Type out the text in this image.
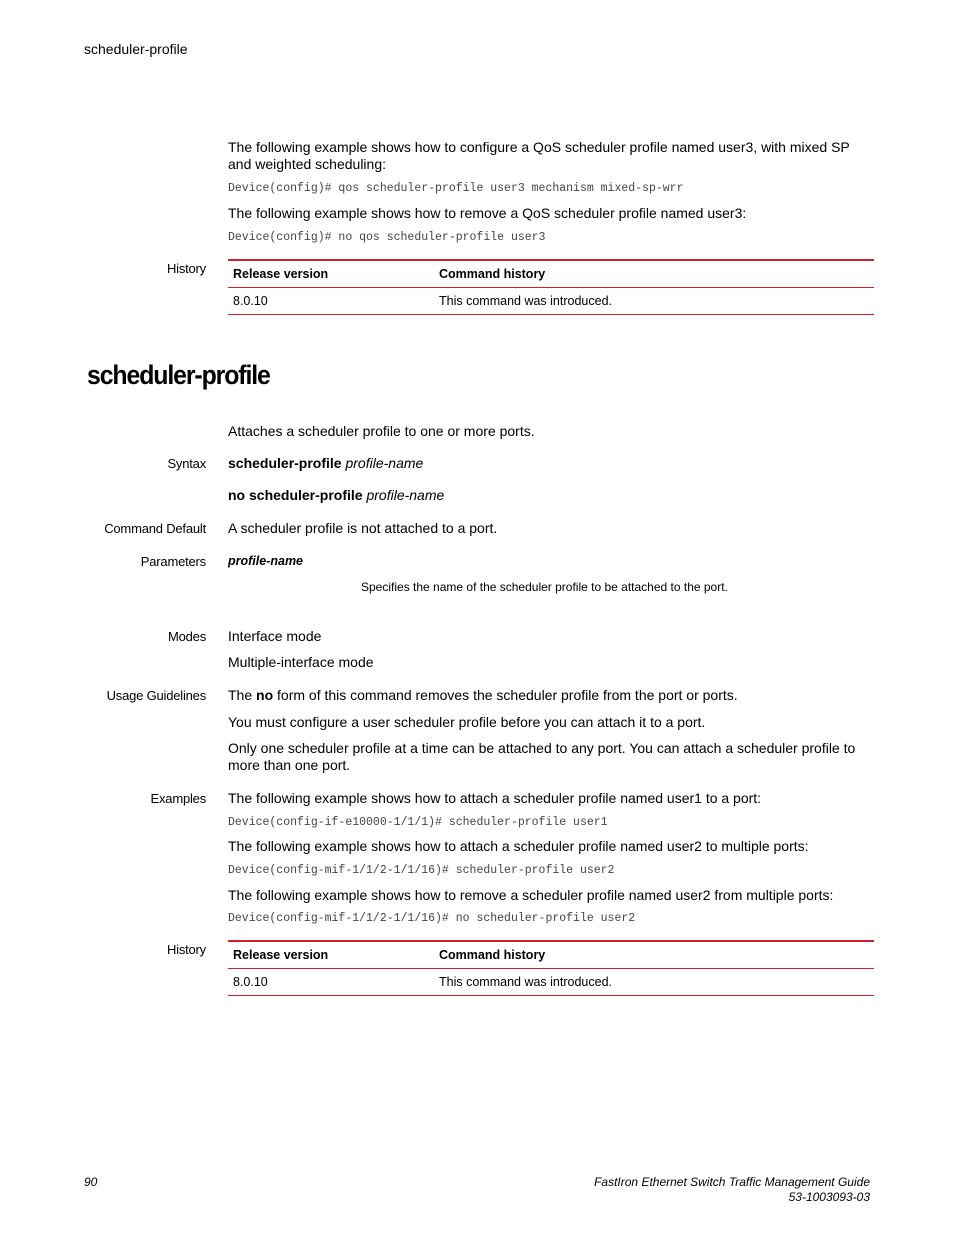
scheduler-profile
The following example shows how to configure a QoS scheduler profile named user3, with mixed SP and weighted scheduling:
Device(config)# qos scheduler-profile user3 mechanism mixed-sp-wrr
The following example shows how to remove a QoS scheduler profile named user3:
Device(config)# no qos scheduler-profile user3
History Release version	Command history
8.0.10	This command was introduced.
scheduler-profile
Attaches a scheduler profile to one or more ports.
Syntax scheduler-profile profile-name
no scheduler-profile profile-name
Command Default A scheduler profile is not attached to a port.
Parameters profile-name
Specifies the name of the scheduler profile to be attached to the port.
Modes Interface mode
Multiple-interface mode
Usage Guidelines The no form of this command removes the scheduler profile from the port or ports.
You must configure a user scheduler profile before you can attach it to a port.
Only one scheduler profile at a time can be attached to any port. You can attach a scheduler profile to more than one port.
Examples The following example shows how to attach a scheduler profile named user1 to a port:
Device(config-if-e10000-1/1/1)# scheduler-profile user1
The following example shows how to attach a scheduler profile named user2 to multiple ports:
Device(config-mif-1/1/2-1/1/16)# scheduler-profile user2
The following example shows how to remove a scheduler profile named user2 from multiple ports:
Device(config-mif-1/1/2-1/1/16)# no scheduler-profile user2
History Release version	Command history
8.0.10	This command was introduced.
90	FastIron Ethernet Switch Traffic Management Guide
53-1003093-03
